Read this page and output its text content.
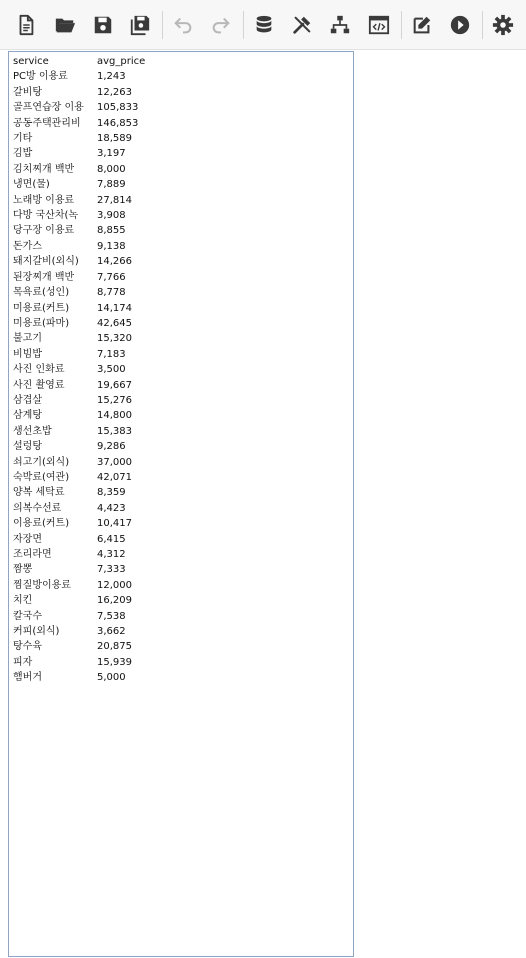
service	avg_price
PC방 이용료	1,243
갈비탕	12,263
골프연습장 이용	105,833
공동주택관리비	146,853
기타	18,589
김밥	3,197
김치찌개 백반	8,000
냉면(물)	7,889
노래방 이용료	27,814
다방 국산차(녹	3,908
당구장 이용료	8,855
돈가스	9,138
돼지갈비(외식)	14,266
된장찌개 백반	7,766
목욕료(성인)	8,778
미용료(커트)	14,174
미용료(파마)	42,645
불고기	15,320
비빔밥	7,183
사진 인화료	3,500
사진 촬영료	19,667
삼겹살	15,276
삼계탕	14,800
생선초밥	15,383
설렁탕	9,286
쇠고기(외식)	37,000
숙박료(여관)	42,071
양복 세탁료	8,359
의복수선료	4,423
이용료(커트)	10,417
자장면	6,415
조리라면	4,312
짬뽕	7,333
찜질방이용료	12,000
치킨	16,209
칼국수	7,538
커피(외식)	3,662
탕수육	20,875
피자	15,939
햄버거	5,000
